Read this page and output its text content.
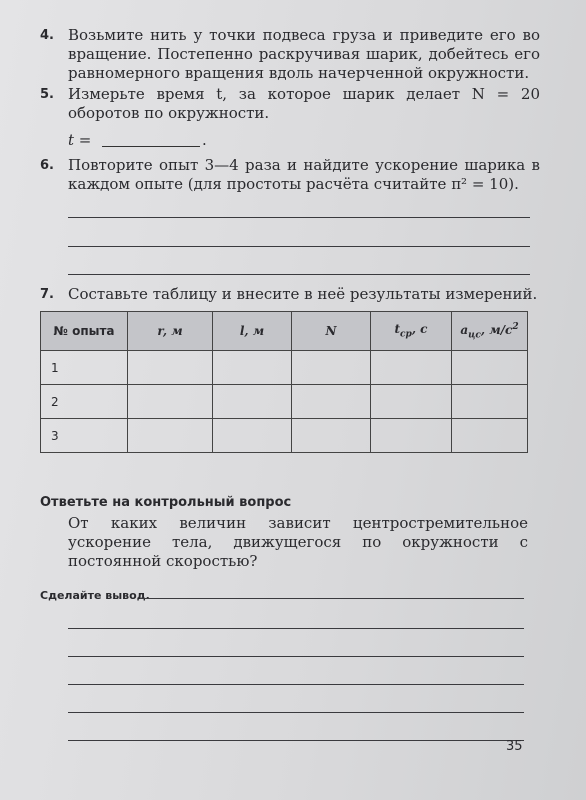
4. Возьмите нить у точки подвеса груза и приведите его во вращение. Постепенно раскручивая шарик, добейтесь его равномерного вращения вдоль начерченной окружности.
5. Измерьте время t, за которое шарик делает N = 20 оборотов по окружности.
t =	.
6. Повторите опыт 3—4 раза и найдите ускорение шарика в каждом опыте (для простоты расчёта считайте π² = 10).
7. Составьте таблицу и внесите в неё результаты измерений.
№ опыта	r, м	l, м	N	$t_{ср}$, с	$a_{цс}$, $м/с^2$
1					
2					
3					
Ответьте на контрольный вопрос
От каких величин зависит центростремительное ускорение тела, движущегося по окружности с постоянной скоростью?
Сделайте вывод.
35
